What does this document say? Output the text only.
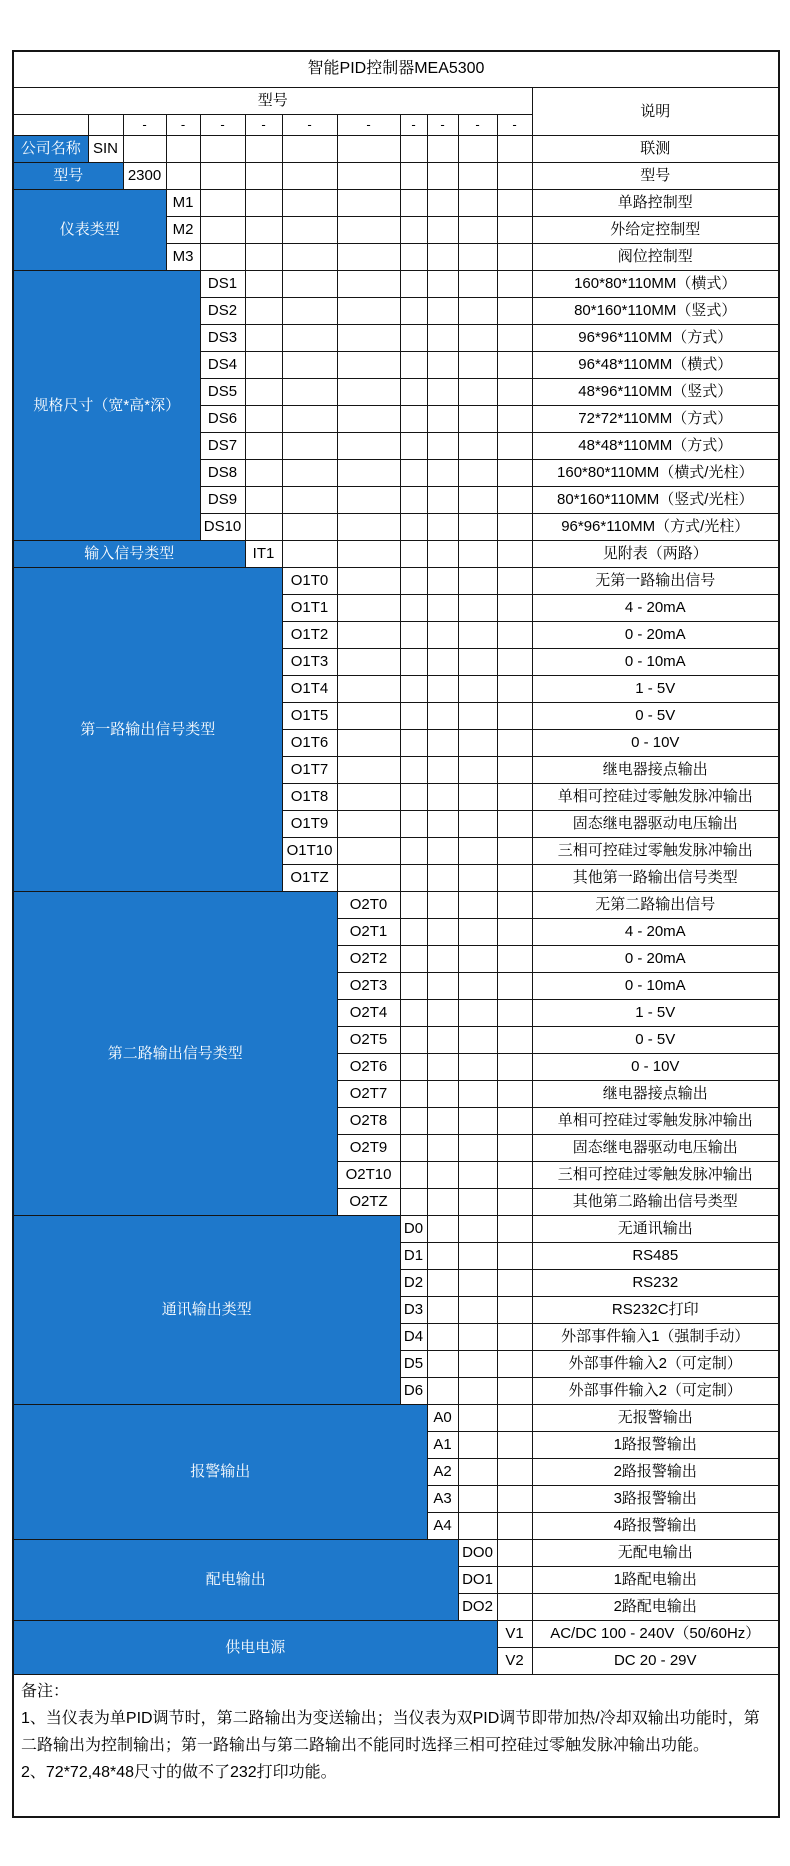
智能PID控制器MEA5300												
型号												说明
		-	-	-	-	-	-	-	-	-	-	
公司名称	SIN											联测
型号		2300										型号
仪表类型			M1									单路控制型
			M2									外给定控制型
			M3									阀位控制型
规格尺寸（宽*高*深）				DS1								160*80*110MM（横式）
				DS2								80*160*110MM（竖式）
				DS3								96*96*110MM（方式）
				DS4								96*48*110MM（横式）
				DS5								48*96*110MM（竖式）
				DS6								72*72*110MM（方式）
				DS7								48*48*110MM（方式）
				DS8								160*80*110MM（横式/光柱）
				DS9								80*160*110MM（竖式/光柱）
				DS10								96*96*110MM（方式/光柱）
输入信号类型					IT1							见附表（两路）
第一路输出信号类型						O1T0						无第一路输出信号
						O1T1						4 - 20mA
						O1T2						0 - 20mA
						O1T3						0 - 10mA
						O1T4						1 - 5V
						O1T5						0 - 5V
						O1T6						0 - 10V
						O1T7						继电器接点输出
						O1T8						单相可控硅过零触发脉冲输出
						O1T9						固态继电器驱动电压输出
						O1T10						三相可控硅过零触发脉冲输出
						O1TZ						其他第一路输出信号类型
第二路输出信号类型							O2T0					无第二路输出信号
							O2T1					4 - 20mA
							O2T2					0 - 20mA
							O2T3					0 - 10mA
							O2T4					1 - 5V
							O2T5					0 - 5V
							O2T6					0 - 10V
							O2T7					继电器接点输出
							O2T8					单相可控硅过零触发脉冲输出
							O2T9					固态继电器驱动电压输出
							O2T10					三相可控硅过零触发脉冲输出
							O2TZ					其他第二路输出信号类型
通讯输出类型								D0				无通讯输出
								D1				RS485
								D2				RS232
								D3				RS232C打印
								D4				外部事件输入1（强制手动）
								D5				外部事件输入2（可定制）
								D6				外部事件输入2（可定制）
报警输出									A0			无报警输出
									A1			1路报警输出
									A2			2路报警输出
									A3			3路报警输出
									A4			4路报警输出
配电输出										DO0		无配电输出
										DO1		1路配电输出
										DO2		2路配电输出
供电电源											V1	AC/DC 100 - 240V（50/60Hz）
											V2	DC 20 - 29V

备注：
1、当仪表为单PID调节时，第二路输出为变送输出；当仪表为双PID调节即带加热/冷却双输出功能时，第二路输出为控制输出；第一路输出与第二路输出不能同时选择三相可控硅过零触发脉冲输出功能。
2、72*72,48*48尺寸的做不了232打印功能。												
